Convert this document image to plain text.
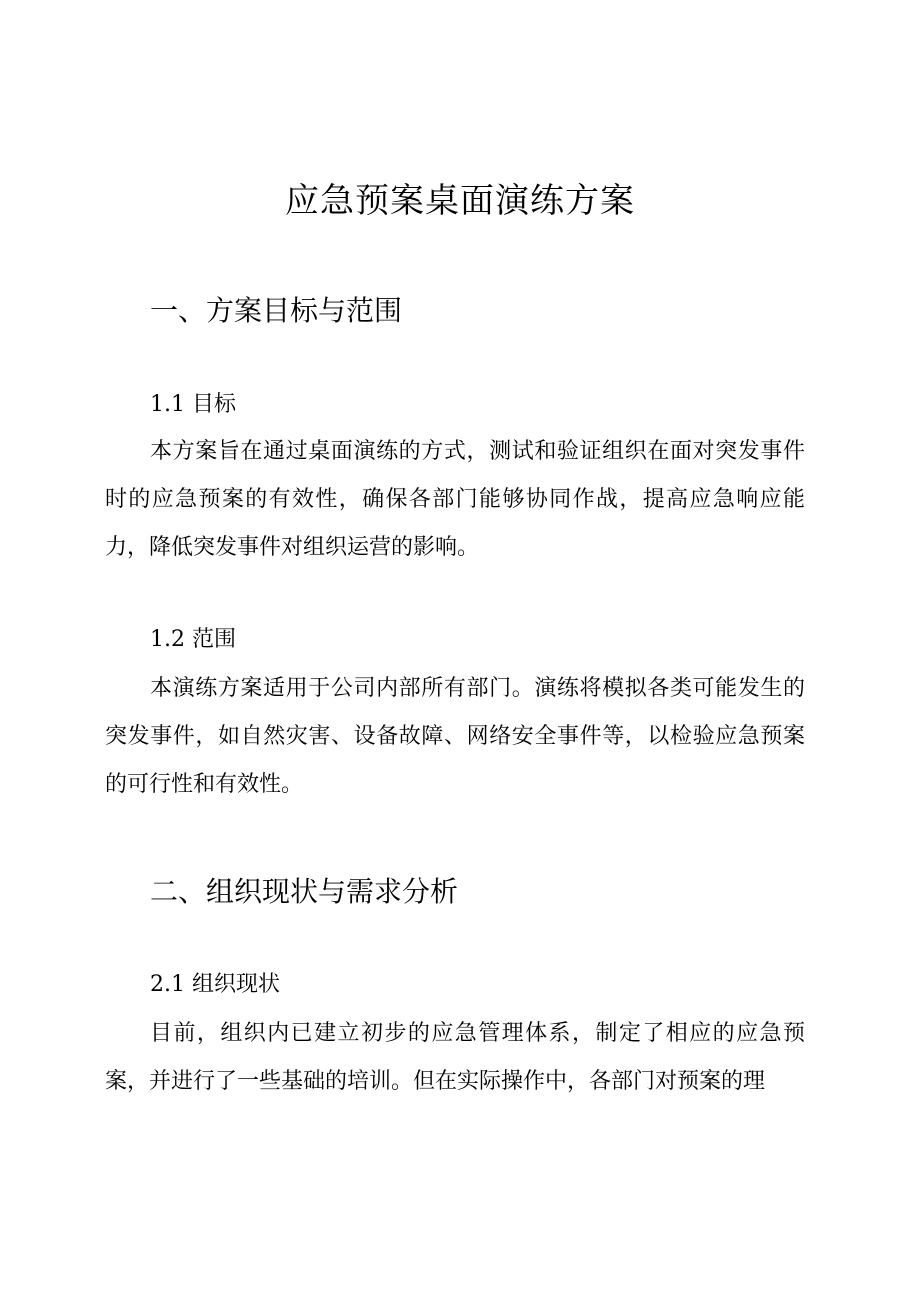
应急预案桌面演练方案
一、方案目标与范围
1.1 目标
本方案旨在通过桌面演练的方式，测试和验证组织在面对突发事件时的应急预案的有效性，确保各部门能够协同作战，提高应急响应能力，降低突发事件对组织运营的影响。
1.2 范围
本演练方案适用于公司内部所有部门。演练将模拟各类可能发生的突发事件，如自然灾害、设备故障、网络安全事件等，以检验应急预案的可行性和有效性。
二、组织现状与需求分析
2.1 组织现状
目前，组织内已建立初步的应急管理体系，制定了相应的应急预案，并进行了一些基础的培训。但在实际操作中，各部门对预案的理
